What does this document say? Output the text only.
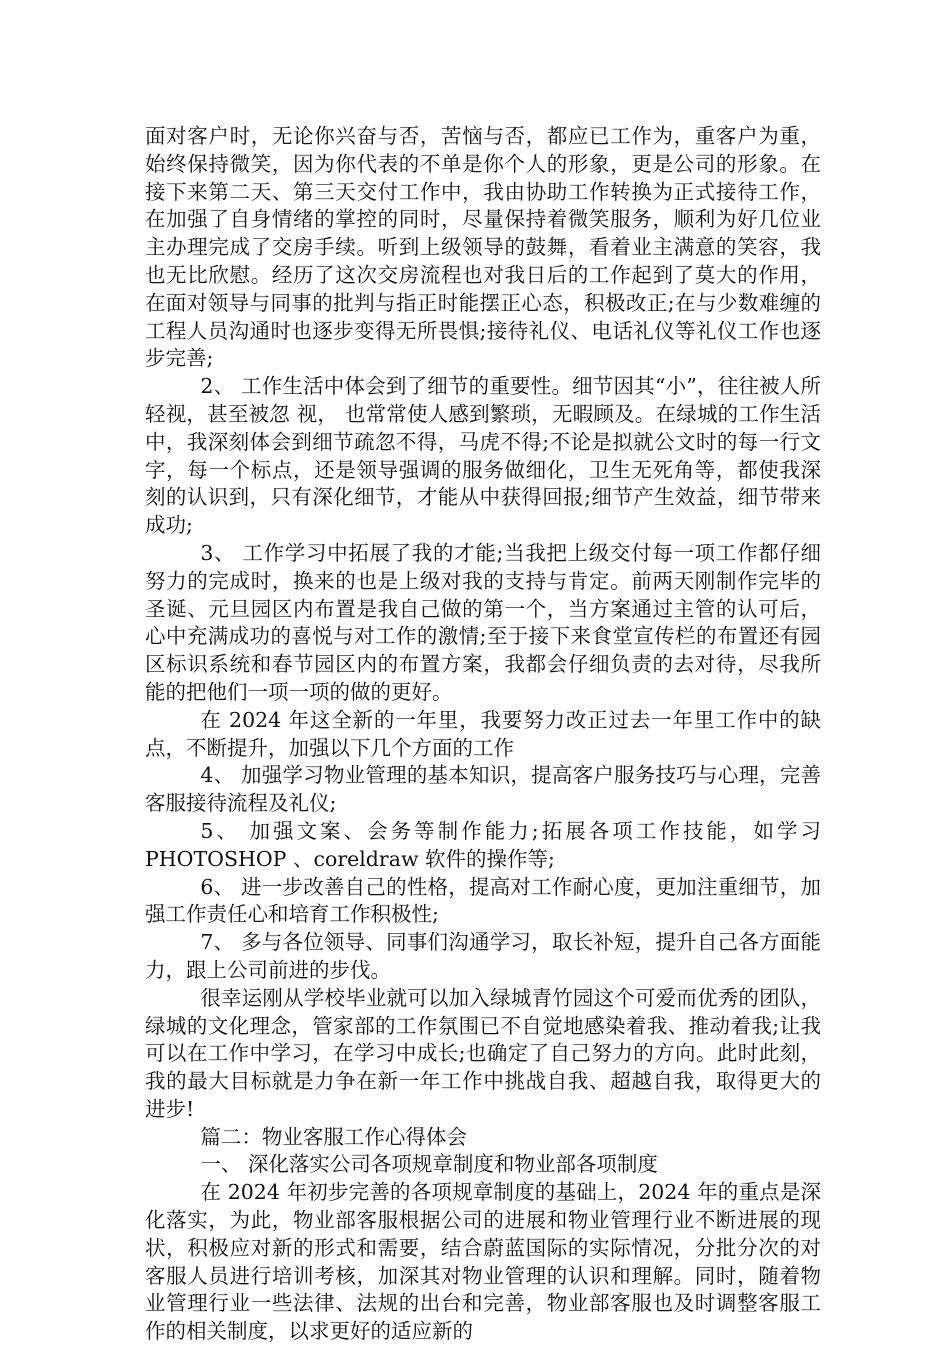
面对客户时，无论你兴奋与否，苦恼与否，都应已工作为，重客户为重，始终保持微笑，因为你代表的不单是你个人的形象，更是公司的形象。在接下来第二天、第三天交付工作中，我由协助工作转换为正式接待工作，在加强了自身情绪的掌控的同时，尽量保持着微笑服务，顺利为好几位业主办理完成了交房手续。听到上级领导的鼓舞，看着业主满意的笑容，我也无比欣慰。经历了这次交房流程也对我日后的工作起到了莫大的作用，在面对领导与同事的批判与指正时能摆正心态，积极改正;在与少数难缠的工程人员沟通时也逐步变得无所畏惧;接待礼仪、电话礼仪等礼仪工作也逐步完善;

2、 工作生活中体会到了细节的重要性。细节因其“小”，往往被人所轻视，甚至被忽 视， 也常常使人感到繁琐，无暇顾及。在绿城的工作生活中，我深刻体会到细节疏忽不得，马虎不得;不论是拟就公文时的每一行文字，每一个标点，还是领导强调的服务做细化，卫生无死角等，都使我深刻的认识到，只有深化细节，才能从中获得回报;细节产生效益，细节带来成功;

3、 工作学习中拓展了我的才能;当我把上级交付每一项工作都仔细努力的完成时，换来的也是上级对我的支持与肯定。前两天刚制作完毕的圣诞、元旦园区内布置是我自己做的第一个，当方案通过主管的认可后，心中充满成功的喜悦与对工作的激情;至于接下来食堂宣传栏的布置还有园区标识系统和春节园区内的布置方案，我都会仔细负责的去对待，尽我所能的把他们一项一项的做的更好。

在 2024 年这全新的一年里，我要努力改正过去一年里工作中的缺点，不断提升，加强以下几个方面的工作

4、 加强学习物业管理的基本知识，提高客户服务技巧与心理，完善客服接待流程及礼仪;

5、 加强文案、会务等制作能力;拓展各项工作技能，如学习 PHOTOSHOP 、coreldraw 软件的操作等;

6、 进一步改善自己的性格，提高对工作耐心度，更加注重细节，加强工作责任心和培育工作积极性;

7、 多与各位领导、同事们沟通学习，取长补短，提升自己各方面能力，跟上公司前进的步伐。

很幸运刚从学校毕业就可以加入绿城青竹园这个可爱而优秀的团队，绿城的文化理念，管家部的工作氛围已不自觉地感染着我、推动着我;让我可以在工作中学习，在学习中成长;也确定了自己努力的方向。此时此刻，我的最大目标就是力争在新一年工作中挑战自我、超越自我，取得更大的进步!

篇二：物业客服工作心得体会

一、 深化落实公司各项规章制度和物业部各项制度

在 2024 年初步完善的各项规章制度的基础上，2024 年的重点是深化落实，为此，物业部客服根据公司的进展和物业管理行业不断进展的现状，积极应对新的形式和需要，结合蔚蓝国际的实际情况，分批分次的对客服人员进行培训考核，加深其对物业管理的认识和理解。同时，随着物业管理行业一些法律、法规的出台和完善，物业部客服也及时调整客服工作的相关制度，以求更好的适应新的
